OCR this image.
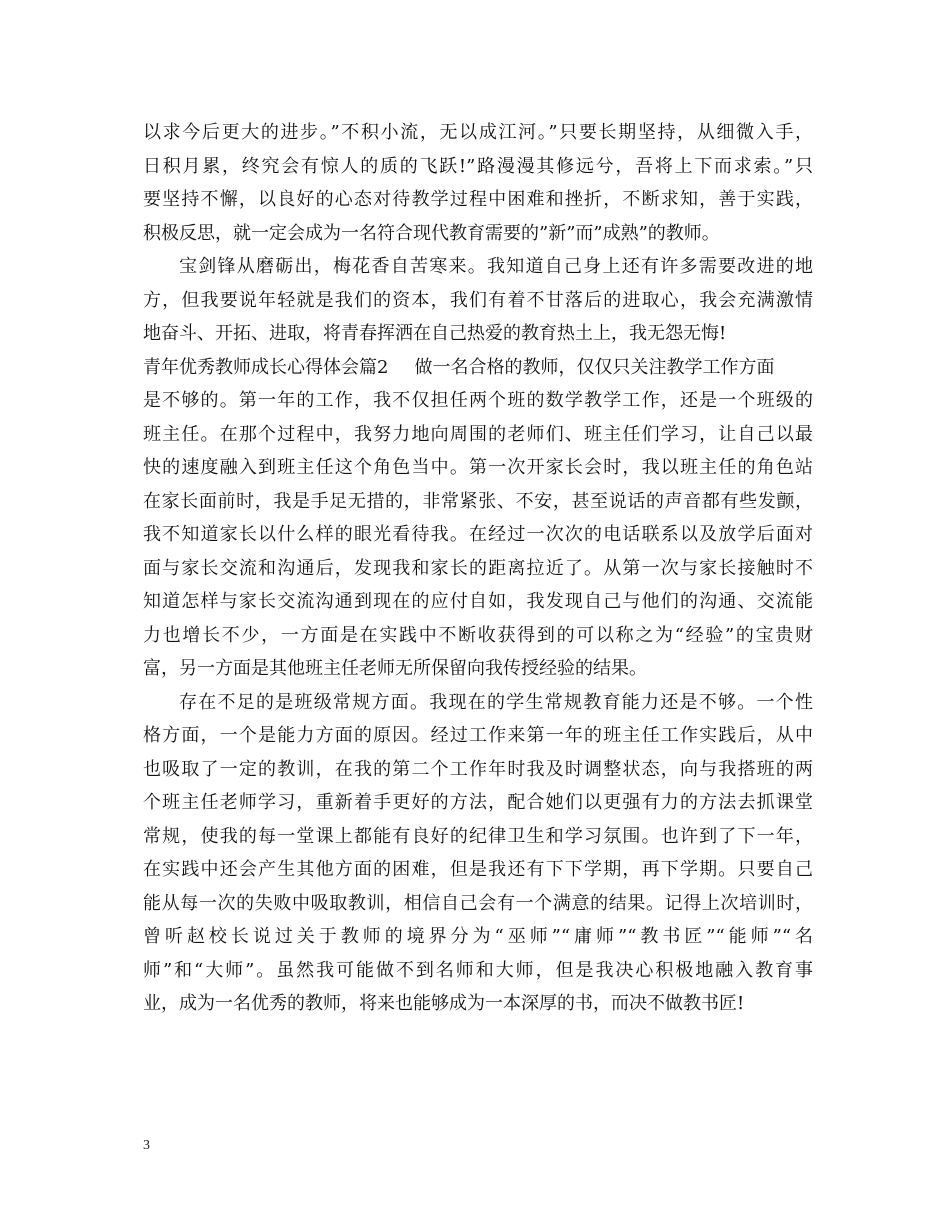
以求今后更大的进步。”不积小流，无以成江河。”只要长期坚持，从细微入手，
日积月累，终究会有惊人的质的飞跃!”路漫漫其修远兮，吾将上下而求索。”只
要坚持不懈，以良好的心态对待教学过程中困难和挫折，不断求知，善于实践，
积极反思，就一定会成为一名符合现代教育需要的”新”而”成熟”的教师。

宝剑锋从磨砺出，梅花香自苦寒来。我知道自己身上还有许多需要改进的地
方，但我要说年轻就是我们的资本，我们有着不甘落后的进取心，我会充满激情
地奋斗、开拓、进取，将青春挥洒在自己热爱的教育热土上，我无怨无悔!

青年优秀教师成长心得体会篇2 做一名合格的教师，仅仅只关注教学工作方面
是不够的。第一年的工作，我不仅担任两个班的数学教学工作，还是一个班级的
班主任。在那个过程中，我努力地向周围的老师们、班主任们学习，让自己以最
快的速度融入到班主任这个角色当中。第一次开家长会时，我以班主任的角色站
在家长面前时，我是手足无措的，非常紧张、不安，甚至说话的声音都有些发颤，
我不知道家长以什么样的眼光看待我。在经过一次次的电话联系以及放学后面对
面与家长交流和沟通后，发现我和家长的距离拉近了。从第一次与家长接触时不
知道怎样与家长交流沟通到现在的应付自如，我发现自己与他们的沟通、交流能
力也增长不少，一方面是在实践中不断收获得到的可以称之为“经验”的宝贵财
富，另一方面是其他班主任老师无所保留向我传授经验的结果。

存在不足的是班级常规方面。我现在的学生常规教育能力还是不够。一个性
格方面，一个是能力方面的原因。经过工作来第一年的班主任工作实践后，从中
也吸取了一定的教训，在我的第二个工作年时我及时调整状态，向与我搭班的两
个班主任老师学习，重新着手更好的方法，配合她们以更强有力的方法去抓课堂
常规，使我的每一堂课上都能有良好的纪律卫生和学习氛围。也许到了下一年，
在实践中还会产生其他方面的困难，但是我还有下下学期，再下学期。只要自己
能从每一次的失败中吸取教训，相信自己会有一个满意的结果。记得上次培训时，
曾听赵校长说过关于教师的境界分为“巫师”“庸师”“教书匠”“能师”“名
师”和“大师”。虽然我可能做不到名师和大师，但是我决心积极地融入教育事
业，成为一名优秀的教师，将来也能够成为一本深厚的书，而决不做教书匠!

3
